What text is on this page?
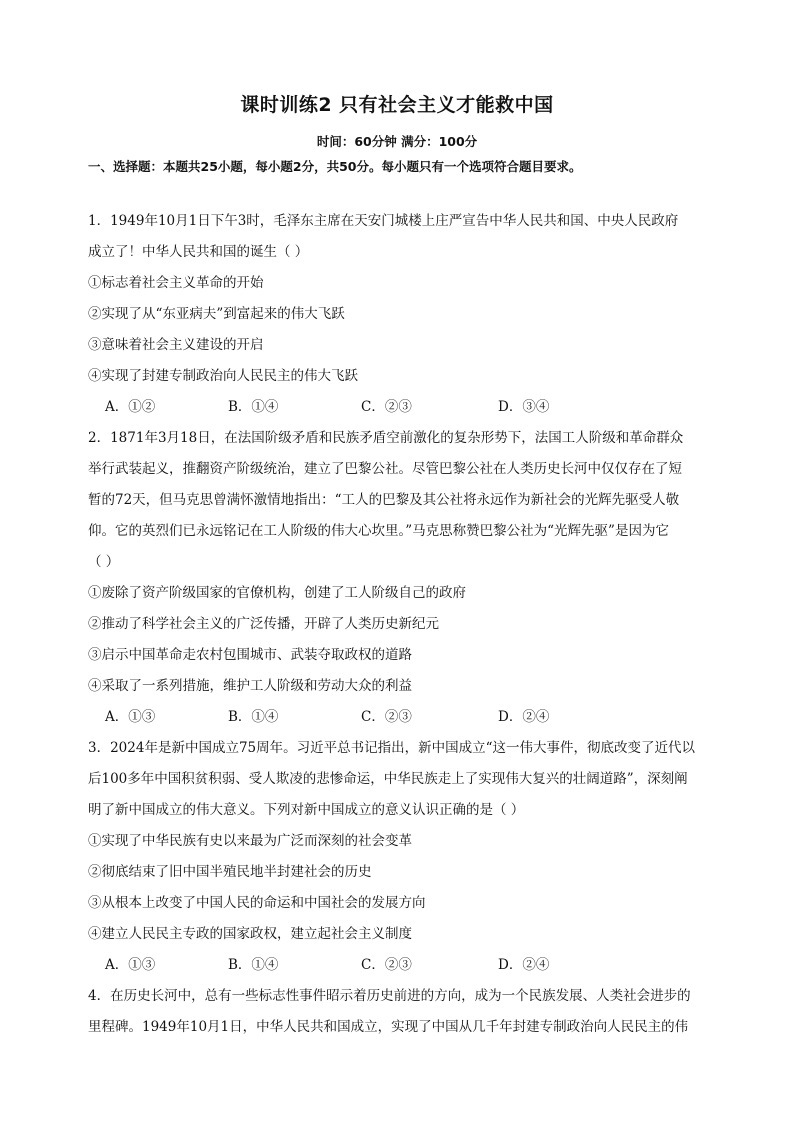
课时训练2 只有社会主义才能救中国
时间：60分钟 满分：100分
一、选择题：本题共25小题，每小题2分，共50分。每小题只有一个选项符合题目要求。
1．1949年10月1日下午3时，毛泽东主席在天安门城楼上庄严宣告中华人民共和国、中央人民政府
成立了！中华人民共和国的诞生（ ）
①标志着社会主义革命的开始
②实现了从“东亚病夫”到富起来的伟大飞跃
③意味着社会主义建设的开启
④实现了封建专制政治向人民民主的伟大飞跃
A．①②	B．①④	C．②③	D．③④
2．1871年3月18日，在法国阶级矛盾和民族矛盾空前激化的复杂形势下，法国工人阶级和革命群众
举行武装起义，推翻资产阶级统治，建立了巴黎公社。尽管巴黎公社在人类历史长河中仅仅存在了短
暂的72天，但马克思曾满怀激情地指出：“工人的巴黎及其公社将永远作为新社会的光辉先驱受人敬
仰。它的英烈们已永远铭记在工人阶级的伟大心坎里。”马克思称赞巴黎公社为“光辉先驱”是因为它
（ ）
①废除了资产阶级国家的官僚机构，创建了工人阶级自己的政府
②推动了科学社会主义的广泛传播，开辟了人类历史新纪元
③启示中国革命走农村包围城市、武装夺取政权的道路
④采取了一系列措施，维护工人阶级和劳动大众的利益
A．①③	B．①④	C．②③	D．②④
3．2024年是新中国成立75周年。习近平总书记指出，新中国成立“这一伟大事件，彻底改变了近代以
后100多年中国积贫积弱、受人欺凌的悲惨命运，中华民族走上了实现伟大复兴的壮阔道路”，深刻阐
明了新中国成立的伟大意义。下列对新中国成立的意义认识正确的是（ ）
①实现了中华民族有史以来最为广泛而深刻的社会变革
②彻底结束了旧中国半殖民地半封建社会的历史
③从根本上改变了中国人民的命运和中国社会的发展方向
④建立人民民主专政的国家政权，建立起社会主义制度
A．①③	B．①④	C．②③	D．②④
4．在历史长河中，总有一些标志性事件昭示着历史前进的方向，成为一个民族发展、人类社会进步的
里程碑。1949年10月1日，中华人民共和国成立，实现了中国从几千年封建专制政治向人民民主的伟
